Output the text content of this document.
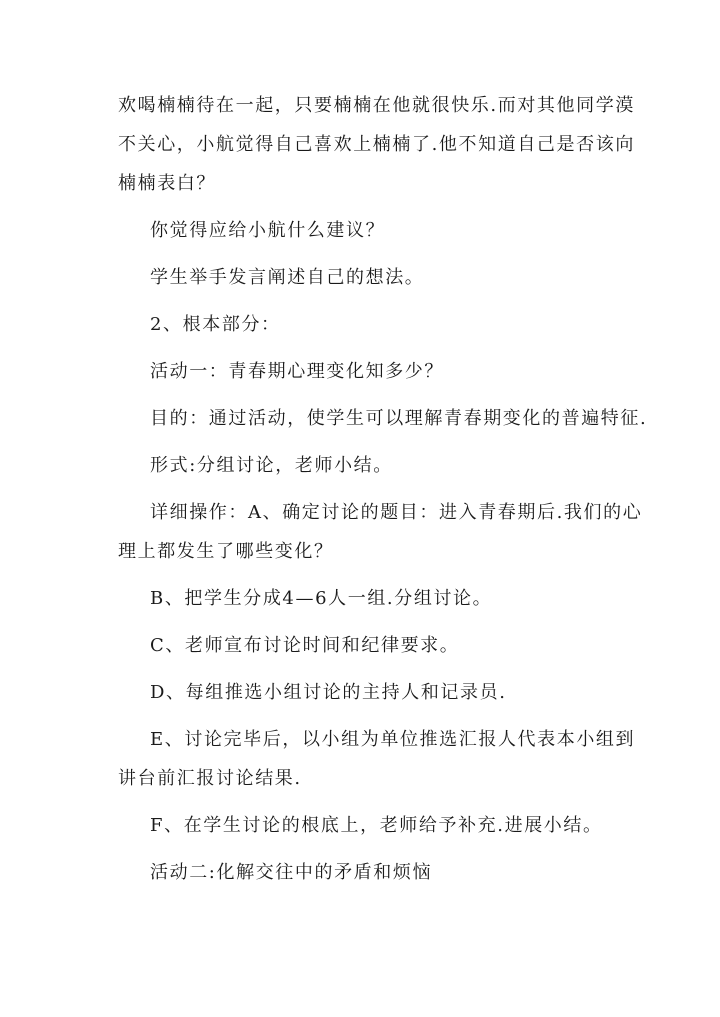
欢喝楠楠待在一起，只要楠楠在他就很快乐.而对其他同学漠
不关心，小航觉得自己喜欢上楠楠了.他不知道自己是否该向
楠楠表白？
你觉得应给小航什么建议？
学生举手发言阐述自己的想法。
2、根本部分：
活动一：青春期心理变化知多少？
目的：通过活动，使学生可以理解青春期变化的普遍特征.
形式:分组讨论，老师小结。
详细操作：A、确定讨论的题目：进入青春期后.我们的心
理上都发生了哪些变化？
B、把学生分成4—6人一组.分组讨论。
C、老师宣布讨论时间和纪律要求。
D、每组推选小组讨论的主持人和记录员.
E、讨论完毕后，以小组为单位推选汇报人代表本小组到
讲台前汇报讨论结果.
F、在学生讨论的根底上，老师给予补充.进展小结。
活动二:化解交往中的矛盾和烦恼
